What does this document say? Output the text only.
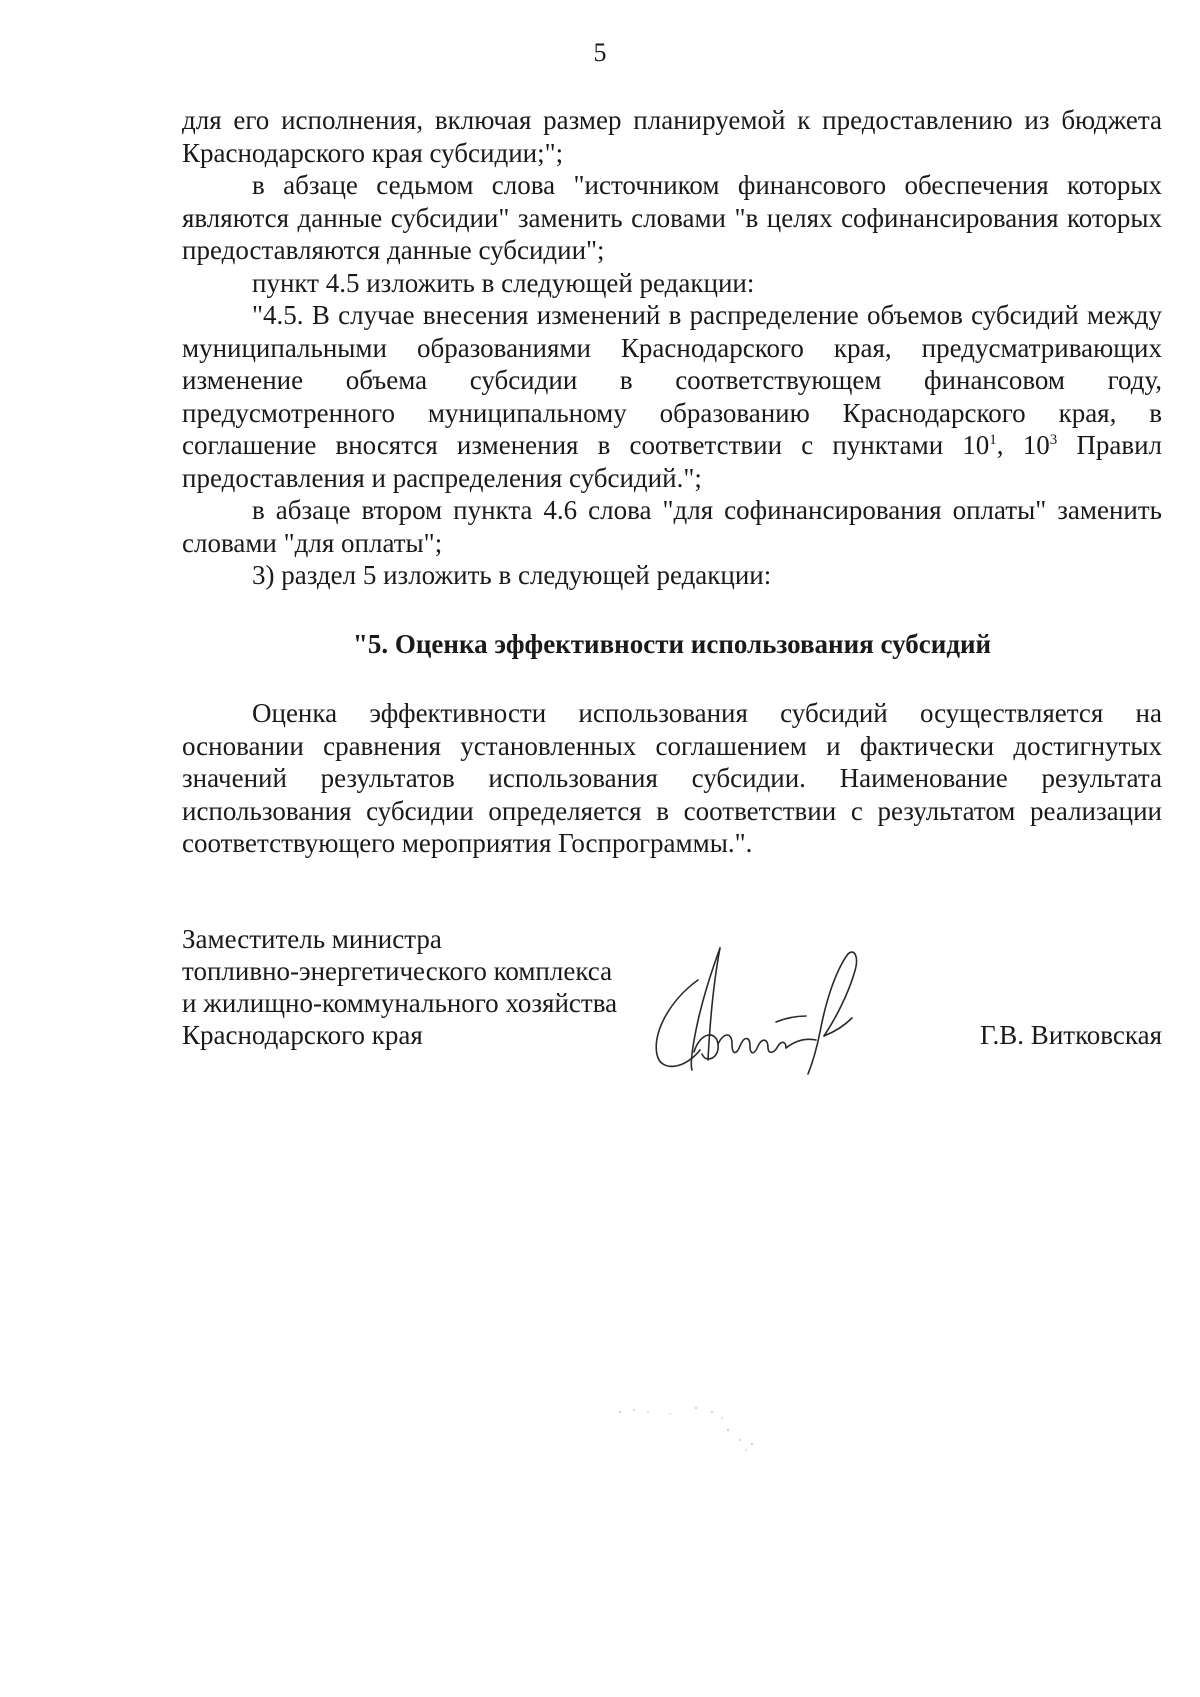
5

для его исполнения, включая размер планируемой к предоставлению из бюджета Краснодарского края субсидии;";

в абзаце седьмом слова "источником финансового обеспечения которых являются данные субсидии" заменить словами "в целях софинансирования которых предоставляются данные субсидии";

пункт 4.5 изложить в следующей редакции:

"4.5. В случае внесения изменений в распределение объемов субсидий между муниципальными образованиями Краснодарского края, предусматривающих изменение объема субсидии в соответствующем финансовом году, предусмотренного муниципальному образованию Краснодарского края, в соглашение вносятся изменения в соответствии с пунктами $10^1$, $10^3$ Правил предоставления и распределения субсидий.";

в абзаце втором пункта 4.6 слова "для софинансирования оплаты" заменить словами "для оплаты";

3) раздел 5 изложить в следующей редакции:

"5. Оценка эффективности использования субсидий

Оценка эффективности использования субсидий осуществляется на основании сравнения установленных соглашением и фактически достигнутых значений результатов использования субсидии. Наименование результата использования субсидии определяется в соответствии с результатом реализации соответствующего мероприятия Госпрограммы.".

Заместитель министра
топливно-энергетического комплекса
и жилищно-коммунального хозяйства
Краснодарского края	Г.В. Витковская
